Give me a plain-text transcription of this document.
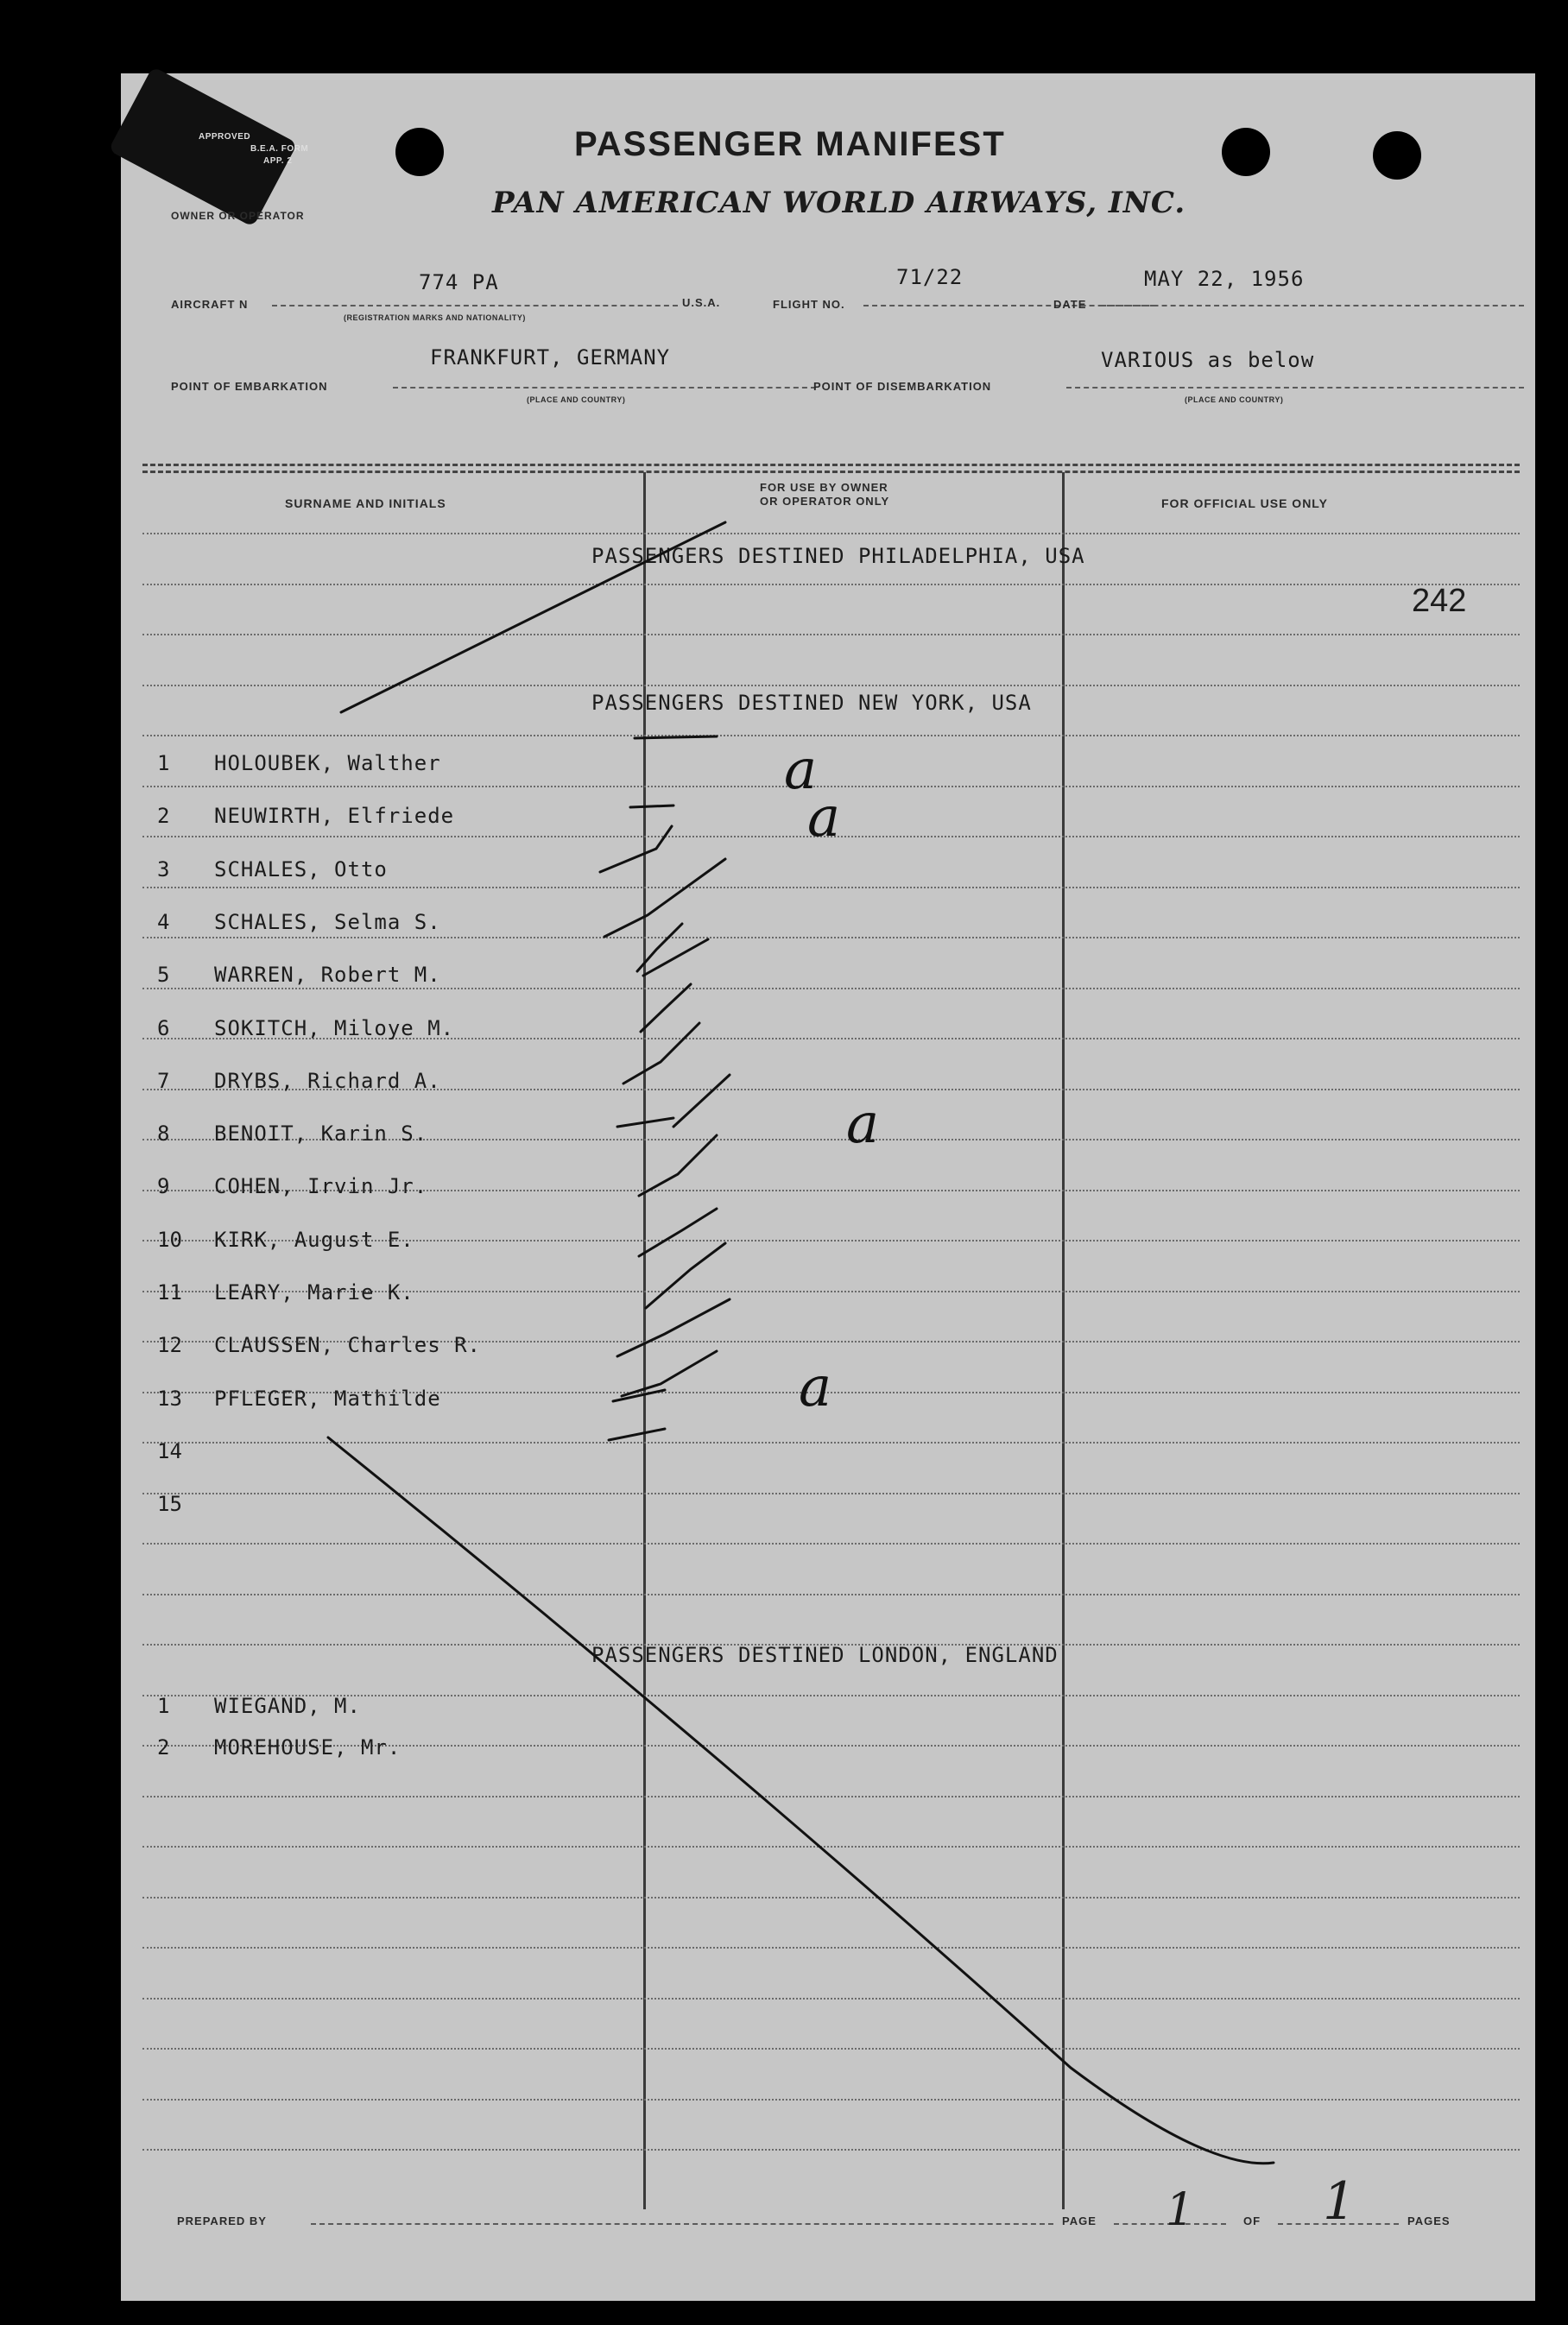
APPROVED
B.E.A. FORM
APP. 2
OWNER OR OPERATOR
PASSENGER MANIFEST
PAN AMERICAN WORLD AIRWAYS, INC.
AIRCRAFT N
774 PA
(REGISTRATION MARKS AND NATIONALITY)
U.S.A.	FLIGHT NO.
71/22
DATE
MAY 22, 1956
POINT OF EMBARKATION
FRANKFURT, GERMANY
(PLACE AND COUNTRY)
POINT OF DISEMBARKATION
VARIOUS as below
(PLACE AND COUNTRY)
SURNAME AND INITIALS
FOR USE BY OWNER
OR OPERATOR ONLY	FOR OFFICIAL USE ONLY
242
PASSENGERS DESTINED PHILADELPHIA, USA
PASSENGERS DESTINED NEW YORK, USA
PASSENGERS DESTINED LONDON, ENGLAND
1 HOLOUBEK, Walther
2 NEUWIRTH, Elfriede
3 SCHALES, Otto
4 SCHALES, Selma S.
5 WARREN, Robert M.
6 SOKITCH, Miloye M.
7 DRYBS, Richard A.
8 BENOIT, Karin S.
9 COHEN, Irvin Jr.
10 KIRK, August E.
11 LEARY, Marie K.
12 CLAUSSEN, Charles R.
13 PFLEGER, Mathilde
14
15
1 WIEGAND, M.
2 MOREHOUSE, Mr.
a
a
a
a
PREPARED BY	PAGE 1	OF 1	PAGES
